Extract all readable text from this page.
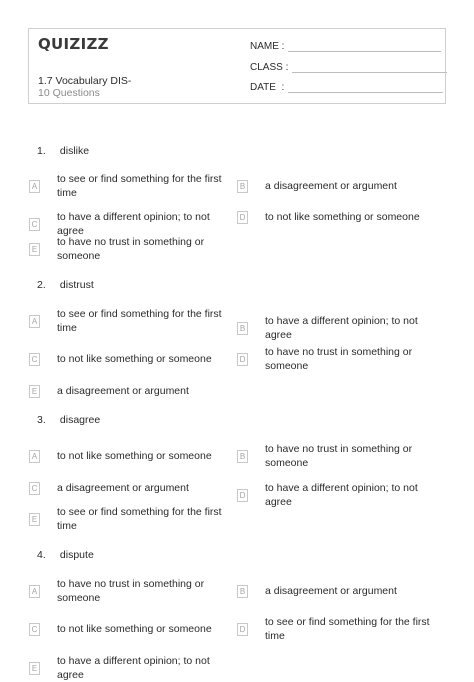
QUIZIZZ
1.7 Vocabulary DIS-
10 Questions
NAME :
CLASS :
DATE  :
1. dislike
A
to see or find something for the first time
B a disagreement or argument
C
to have a different opinion; to not agree
D to not like something or someone
E
to have no trust in something or someone
2. distrust
A
to see or find something for the first time	B
to have a different opinion; to not agree
C to not like something or someone	D
to have no trust in something or someone
E a disagreement or argument
3. disagree
A to not like something or someone	B
to have no trust in something or someone
C a disagreement or argument
D
to have a different opinion; to not agree
E
to see or find something for the first time
4. dispute
A
to have no trust in something or someone
B a disagreement or argument
C to not like something or someone	D
to see or find something for the first time
E
to have a different opinion; to not agree
